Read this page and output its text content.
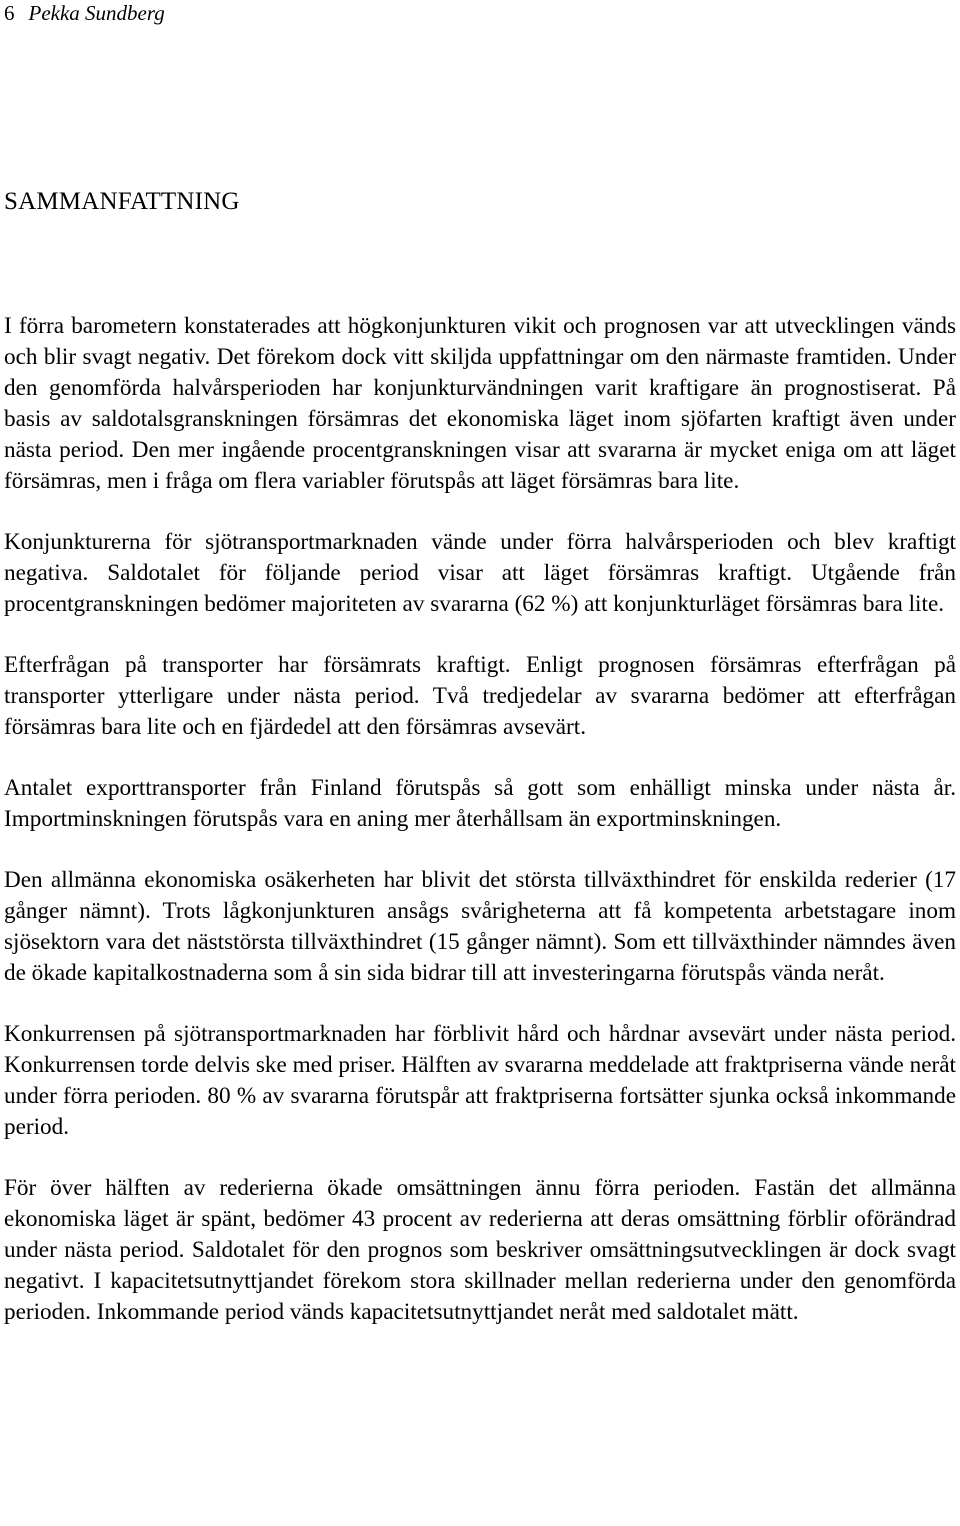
6 Pekka Sundberg
SAMMANFATTNING

I förra barometern konstaterades att högkonjunkturen vikit och prognosen var att utvecklingen vänds och blir svagt negativ. Det förekom dock vitt skiljda uppfattningar om den närmaste framtiden. Under den genomförda halvårsperioden har konjunkturvändningen varit kraftigare än prognostiserat. På basis av saldotalsgranskningen försämras det ekonomiska läget inom sjöfarten kraftigt även under nästa period. Den mer ingående procentgranskningen visar att svararna är mycket eniga om att läget försämras, men i fråga om flera variabler förutspås att läget försämras bara lite.

Konjunkturerna för sjötransportmarknaden vände under förra halvårsperioden och blev kraftigt negativa. Saldotalet för följande period visar att läget försämras kraftigt. Utgående från procentgranskningen bedömer majoriteten av svararna (62 %) att konjunkturläget försämras bara lite.

Efterfrågan på transporter har försämrats kraftigt. Enligt prognosen försämras efterfrågan på transporter ytterligare under nästa period. Två tredjedelar av svararna bedömer att efterfrågan försämras bara lite och en fjärdedel att den försämras avsevärt.

Antalet exporttransporter från Finland förutspås så gott som enhälligt minska under nästa år. Importminskningen förutspås vara en aning mer återhållsam än exportminskningen.

Den allmänna ekonomiska osäkerheten har blivit det största tillväxthindret för enskilda rederier (17 gånger nämnt). Trots lågkonjunkturen ansågs svårigheterna att få kompetenta arbetstagare inom sjösektorn vara det näststörsta tillväxthindret (15 gånger nämnt). Som ett tillväxthinder nämndes även de ökade kapitalkostnaderna som å sin sida bidrar till att investeringarna förutspås vända neråt.

Konkurrensen på sjötransportmarknaden har förblivit hård och hårdnar avsevärt under nästa period. Konkurrensen torde delvis ske med priser. Hälften av svararna meddelade att fraktpriserna vände neråt under förra perioden. 80 % av svararna förutspår att fraktpriserna fortsätter sjunka också inkommande period.

För över hälften av rederierna ökade omsättningen ännu förra perioden. Fastän det allmänna ekonomiska läget är spänt, bedömer 43 procent av rederierna att deras omsättning förblir oförändrad under nästa period. Saldotalet för den prognos som beskriver omsättningsutvecklingen är dock svagt negativt. I kapacitetsutnyttjandet förekom stora skillnader mellan rederierna under den genomförda perioden. Inkommande period vänds kapacitetsutnyttjandet neråt med saldotalet mätt.
